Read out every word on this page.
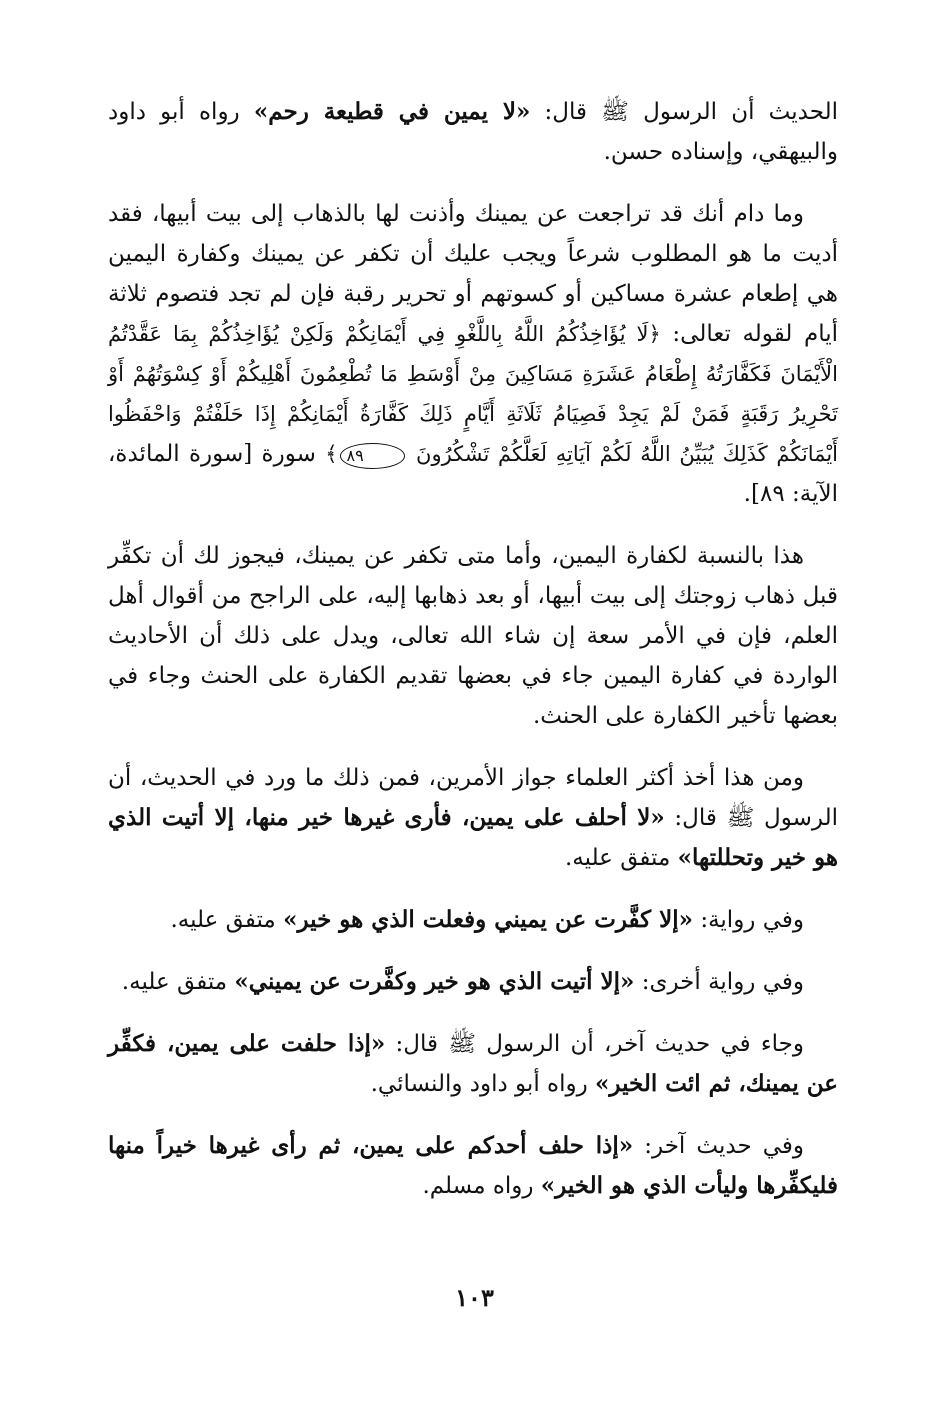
الحديث أن الرسول ﷺ قال: «لا يمين في قطيعة رحم» رواه أبو داود والبيهقي، وإسناده حسن.

وما دام أنك قد تراجعت عن يمينك وأذنت لها بالذهاب إلى بيت أبيها، فقد أديت ما هو المطلوب شرعاً ويجب عليك أن تكفر عن يمينك وكفارة اليمين هي إطعام عشرة مساكين أو كسوتهم أو تحرير رقبة فإن لم تجد فتصوم ثلاثة أيام لقوله تعالى: ﴿لَا يُؤَاخِذُكُمُ اللَّهُ بِاللَّغْوِ فِي أَيْمَانِكُمْ وَلَكِنْ يُؤَاخِذُكُمْ بِمَا عَقَّدْتُمُ الْأَيْمَانَ فَكَفَّارَتُهُ إِطْعَامُ عَشَرَةِ مَسَاكِينَ مِنْ أَوْسَطِ مَا تُطْعِمُونَ أَهْلِيكُمْ أَوْ كِسْوَتُهُمْ أَوْ تَحْرِيرُ رَقَبَةٍ فَمَنْ لَمْ يَجِدْ فَصِيَامُ ثَلَاثَةِ أَيَّامٍ ذَلِكَ كَفَّارَةُ أَيْمَانِكُمْ إِذَا حَلَفْتُمْ وَاحْفَظُوا أَيْمَانَكُمْ كَذَلِكَ يُبَيِّنُ اللَّهُ لَكُمْ آيَاتِهِ لَعَلَّكُمْ تَشْكُرُونَ ٨٩﴾ سورة [سورة المائدة، الآية: ٨٩].

هذا بالنسبة لكفارة اليمين، وأما متى تكفر عن يمينك، فيجوز لك أن تكفِّر قبل ذهاب زوجتك إلى بيت أبيها، أو بعد ذهابها إليه، على الراجح من أقوال أهل العلم، فإن في الأمر سعة إن شاء الله تعالى، ويدل على ذلك أن الأحاديث الواردة في كفارة اليمين جاء في بعضها تقديم الكفارة على الحنث وجاء في بعضها تأخير الكفارة على الحنث.

ومن هذا أخذ أكثر العلماء جواز الأمرين، فمن ذلك ما ورد في الحديث، أن الرسول ﷺ قال: «لا أحلف على يمين، فأرى غيرها خير منها، إلا أتيت الذي هو خير وتحللتها» متفق عليه.

وفي رواية: «إلا كفَّرت عن يميني وفعلت الذي هو خير» متفق عليه.

وفي رواية أخرى: «إلا أتيت الذي هو خير وكفَّرت عن يميني» متفق عليه.

وجاء في حديث آخر، أن الرسول ﷺ قال: «إذا حلفت على يمين، فكفِّر عن يمينك، ثم ائت الخير» رواه أبو داود والنسائي.

وفي حديث آخر: «إذا حلف أحدكم على يمين، ثم رأى غيرها خيراً منها فليكفِّرها وليأت الذي هو الخير» رواه مسلم.

١٠٣
